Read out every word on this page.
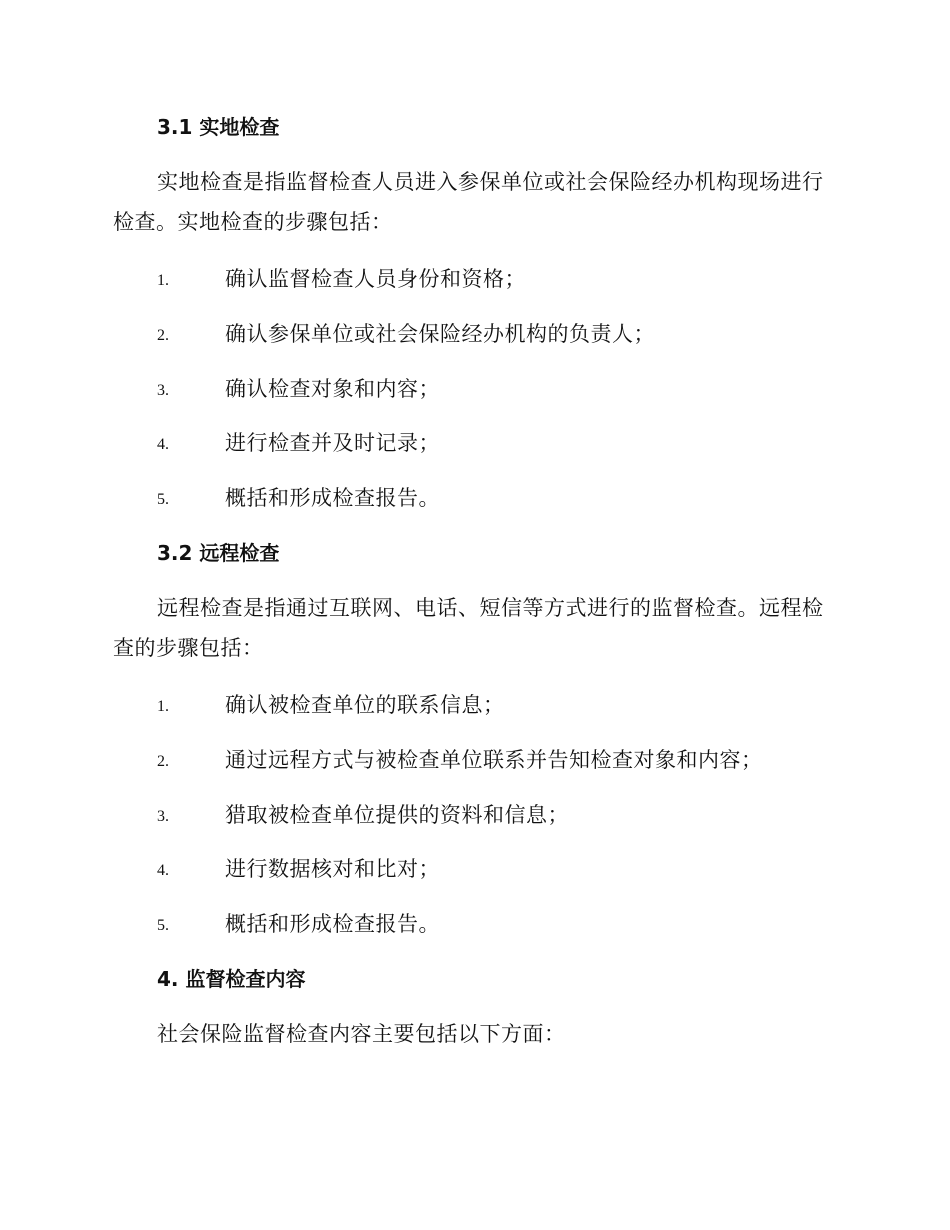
3.1 实地检查

实地检查是指监督检查人员进入参保单位或社会保险经办机构现场进行检查。实地检查的步骤包括：

1.	确认监督检查人员身份和资格；
2.	确认参保单位或社会保险经办机构的负责人；
3.	确认检查对象和内容；
4.	进行检查并及时记录；
5.	概括和形成检查报告。
3.2 远程检查

远程检查是指通过互联网、电话、短信等方式进行的监督检查。远程检查的步骤包括：

1.	确认被检查单位的联系信息；
2.	通过远程方式与被检查单位联系并告知检查对象和内容；
3.	猎取被检查单位提供的资料和信息；
4.	进行数据核对和比对；
5.	概括和形成检查报告。
4. 监督检查内容

社会保险监督检查内容主要包括以下方面：
